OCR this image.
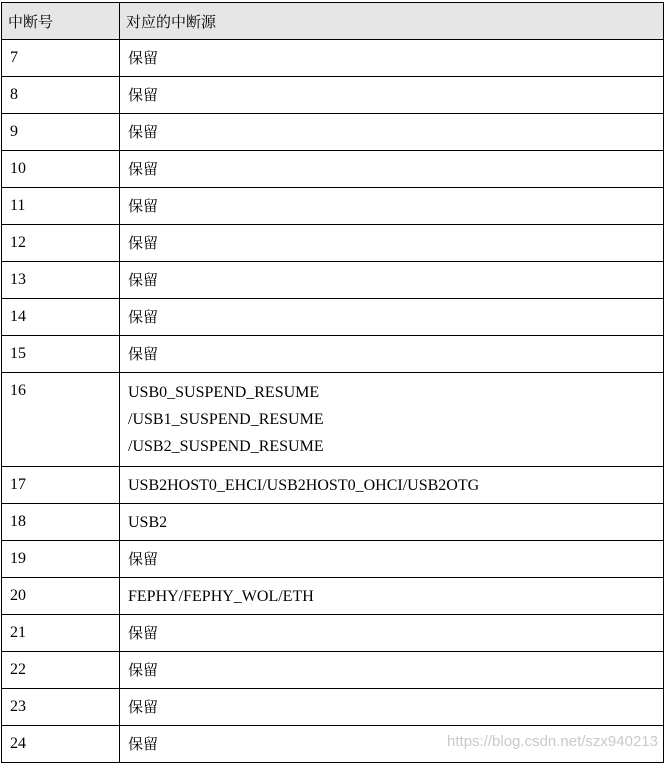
中断号	对应的中断源
7	保留

8	保留

9	保留

10	保留

11	保留

12	保留

13	保留

14	保留

15	保留

16	USB0_SUSPEND_RESUME
/USB1_SUSPEND_RESUME
/USB2_SUSPEND_RESUME

17	USB2HOST0_EHCI/USB2HOST0_OHCI/USB2OTG

18	USB2

19	保留

20	FEPHY/FEPHY_WOL/ETH

21	保留

22	保留

23	保留

24	保留	https://blog.csdn.net/szx940213
